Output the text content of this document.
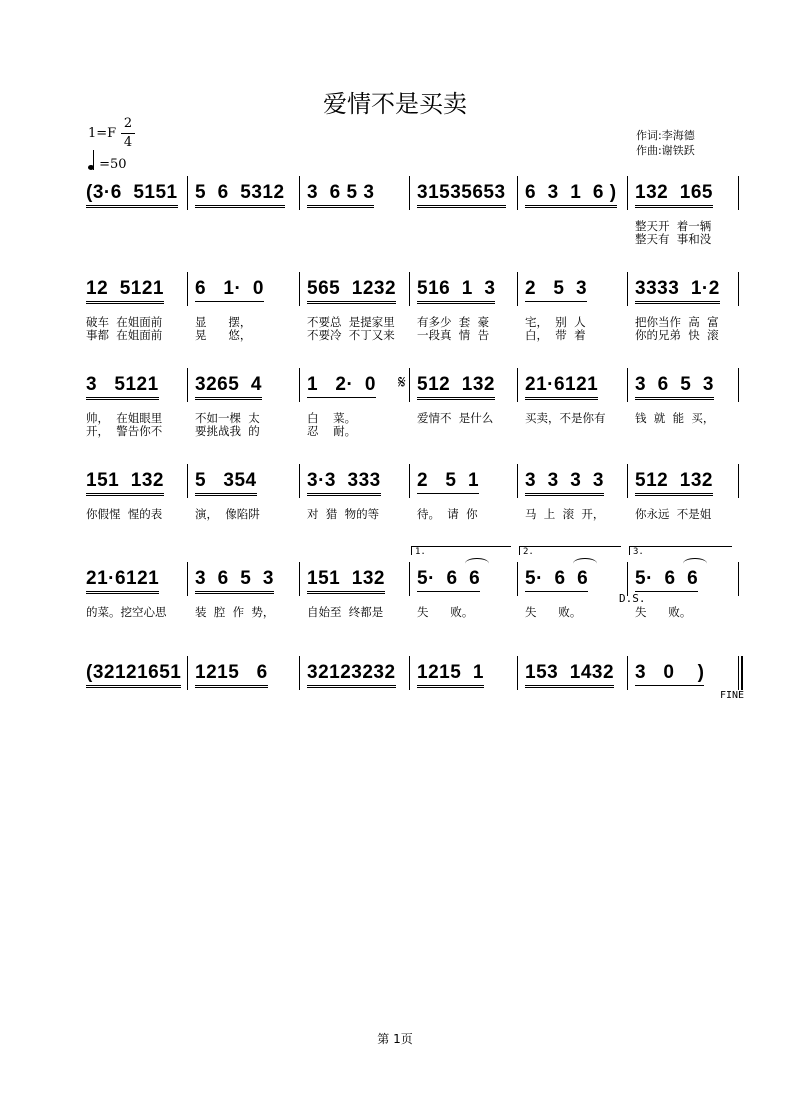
爱情不是买卖
1=F
2
4
=50
作词:李海德
作曲:谢铁跃
(3·6  5151 5  6  5312 3  6 5 3 31535653 6  3  1  6 ) 132  165
整天开  着一辆
整天有  事和没
12  5121
破车  在姐面前
事都  在姐面前
6   1·  0
显      摆，
晃      悠，
565  1232
不要总  是提家里
不要冷  不丁又来
516  1  3
有多少  套  豪
一段真  情  告
2   5  3
宅，  别  人
白，  带  着
3333  1·2
把你当作  高  富
你的兄弟  快  滚
3   5121
帅，  在姐眼里
开，  警告你不
3265  4
不如一棵  太
要挑战我  的
1   2·  0
白    菜。
忍    耐。
512  132
爱情不  是什么
21·6121
买卖，不是你有
3  6  5  3
钱  就  能  买，
151  132
你假惺  惺的表
5   354
演，  像陷阱
3·3  333
对  猎  物的等
2   5  1
待。  请  你
3  3  3  3
马  上  滚  开，
512  132
你永远  不是姐
21·6121
的菜。挖空心思
3  6  5  3
装  腔  作  势，
151  132
自始至  终都是
5·  6  6
失      败。
5·  6  6
失      败。
5·  6  6
失      败。
1.	2.	3.
D.S.
(32121651 1215   6 32123232 1215  1 153  1432 3   0    )
FINE
𝄋
第 1页
